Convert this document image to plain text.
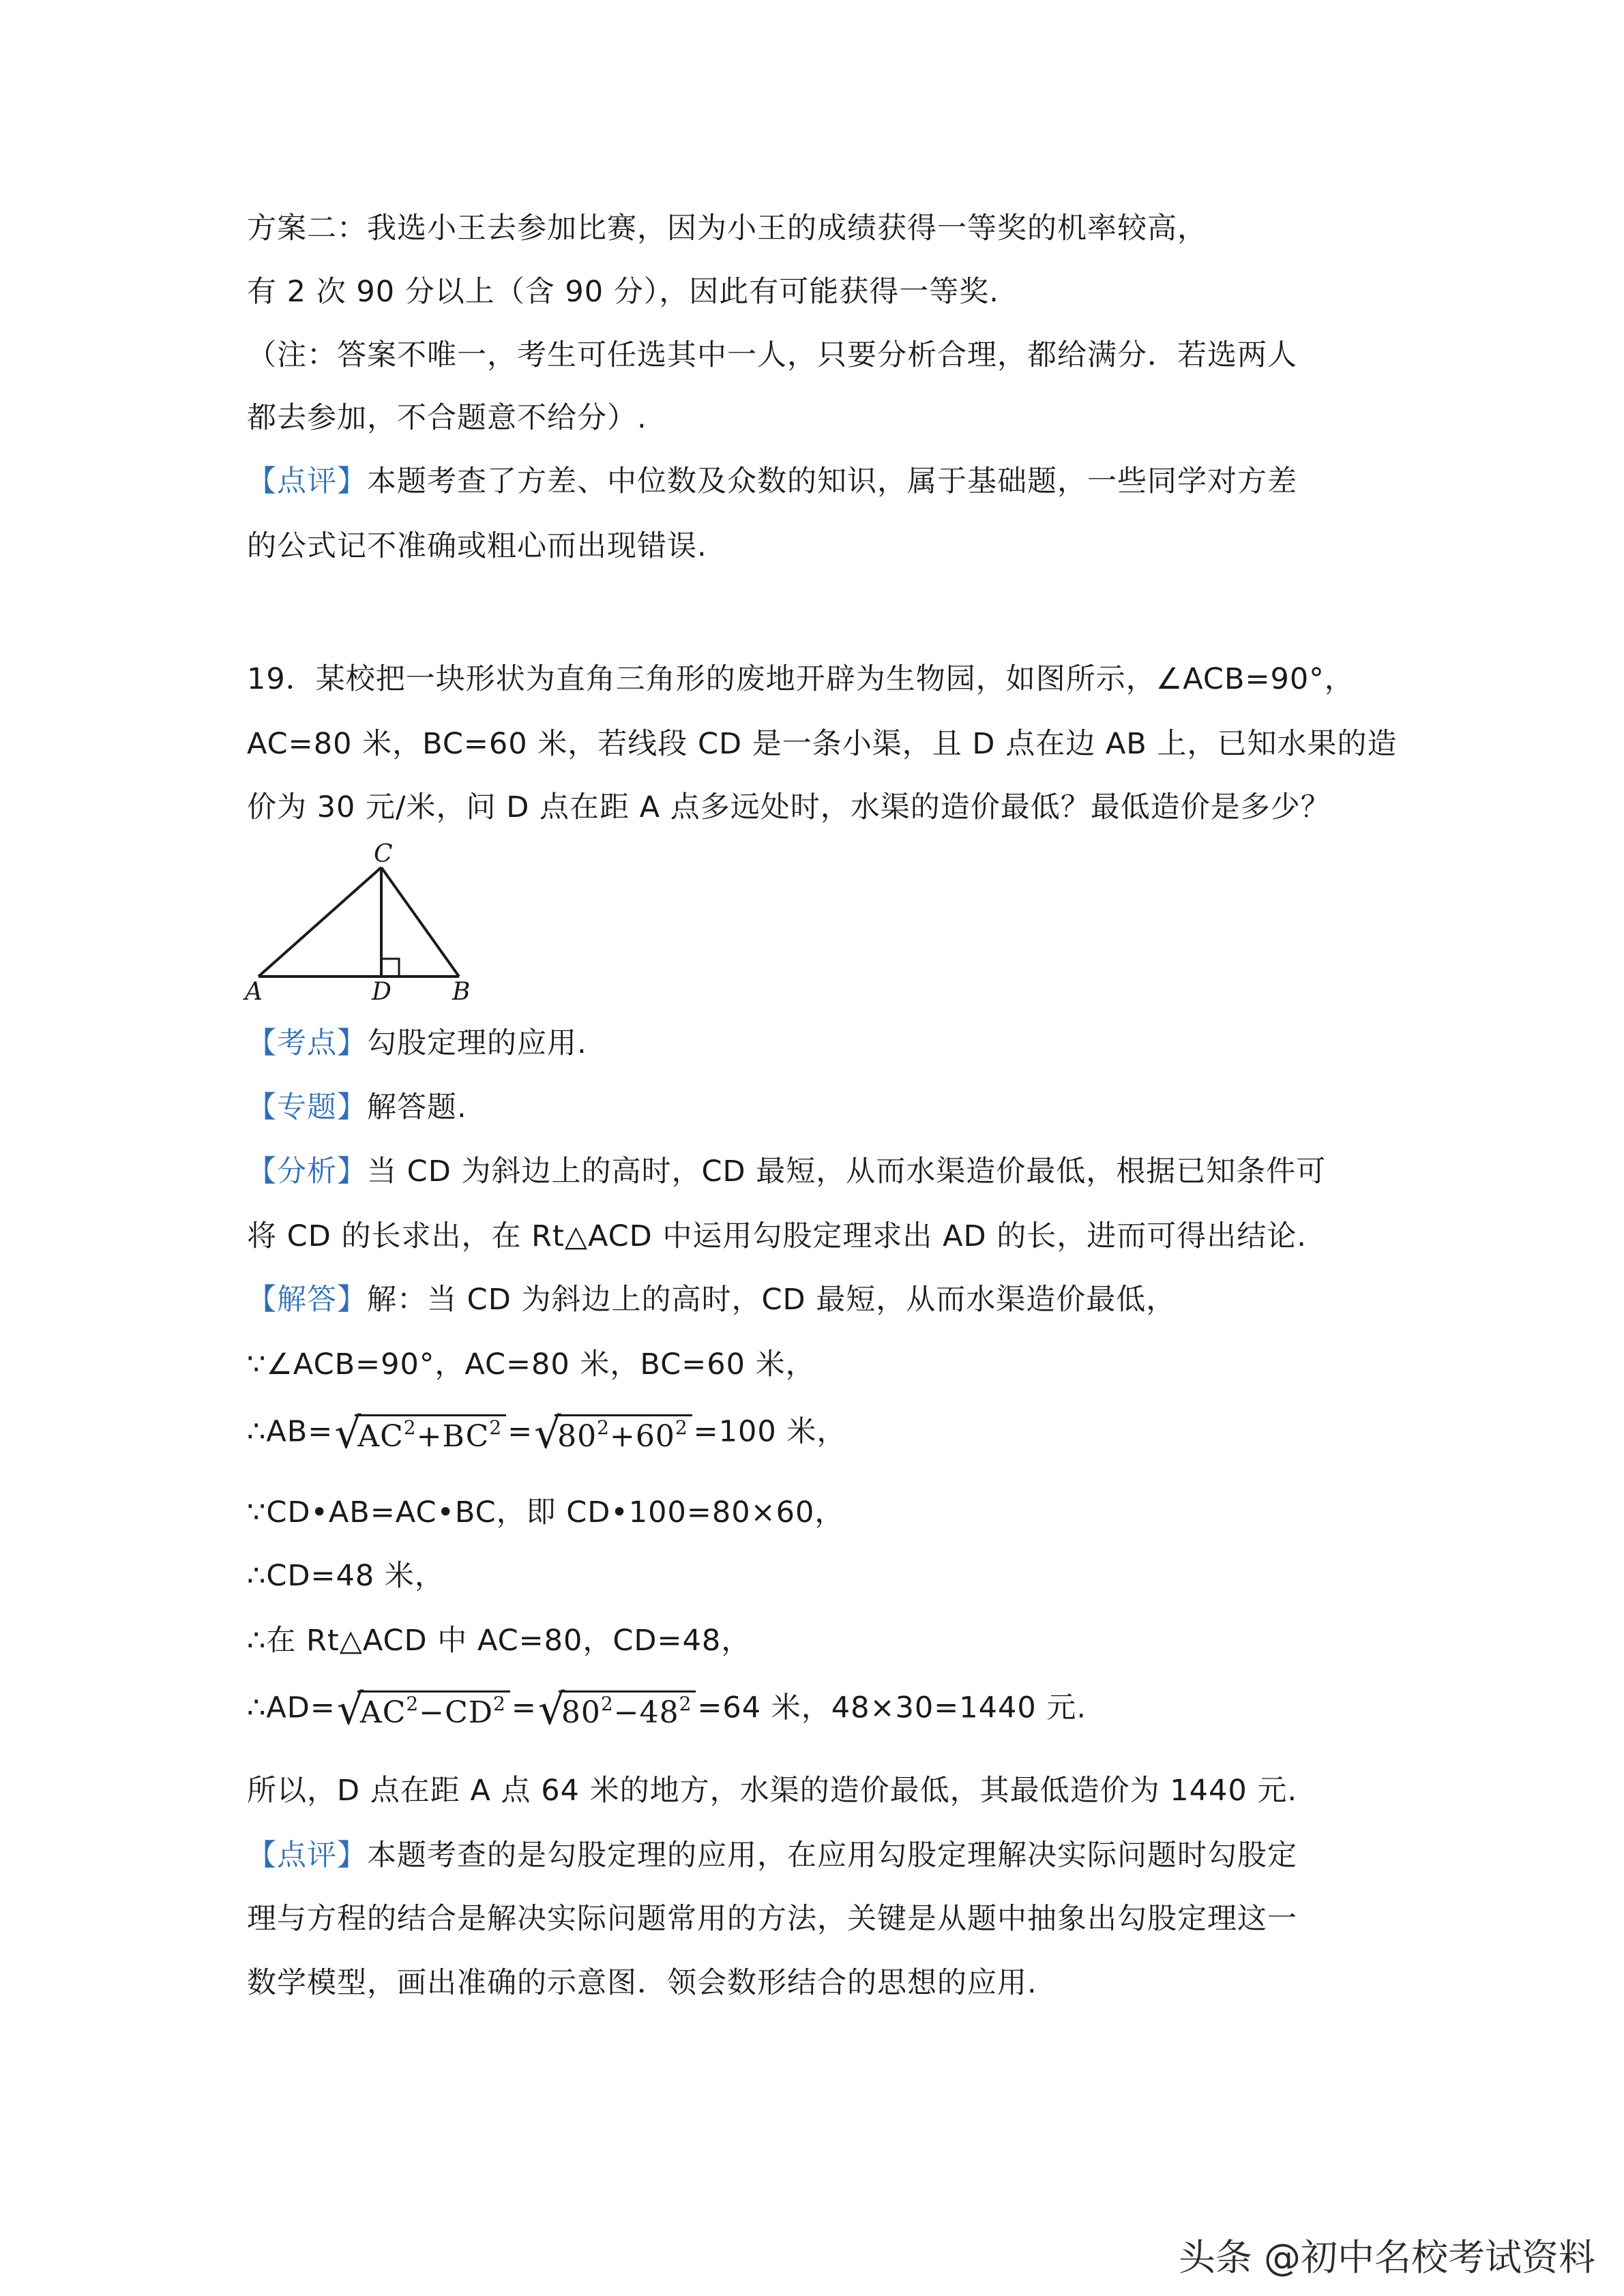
方案二：我选小王去参加比赛，因为小王的成绩获得一等奖的机率较高，
有 2 次 90 分以上（含 90 分），因此有可能获得一等奖.
（注：答案不唯一，考生可任选其中一人，只要分析合理，都给满分．若选两人
都去参加，不合题意不给分）.
【点评】本题考查了方差、中位数及众数的知识，属于基础题，一些同学对方差
的公式记不准确或粗心而出现错误.
19．某校把一块形状为直角三角形的废地开辟为生物园，如图所示，∠ACB=90°，
AC=80 米，BC=60 米，若线段 CD 是一条小渠，且 D 点在边 AB 上，已知水果的造
价为 30 元/米，问 D 点在距 A 点多远处时，水渠的造价最低？最低造价是多少？
C
A	D B
【考点】勾股定理的应用.
【专题】解答题.
【分析】当 CD 为斜边上的高时，CD 最短，从而水渠造价最低，根据已知条件可
将 CD 的长求出，在 Rt△ACD 中运用勾股定理求出 AD 的长，进而可得出结论.
【解答】解：当 CD 为斜边上的高时，CD 最短，从而水渠造价最低，
∵∠ACB=90°，AC=80 米，BC=60 米，
∴AB= √ $AC^2+BC^2$ = √ $80^2+60^2 =100$ 米，
∵CD•AB=AC•BC，即 CD•100=80×60，
∴CD=48 米，
∴在 Rt△ACD 中 AC=80，CD=48，
∴AD= √ $AC^2-CD^2$ = √ $80^2-48^2 =64$ 米，48×30=1440 元.
所以，D 点在距 A 点 64 米的地方，水渠的造价最低，其最低造价为 1440 元.
【点评】本题考查的是勾股定理的应用，在应用勾股定理解决实际问题时勾股定
理与方程的结合是解决实际问题常用的方法，关键是从题中抽象出勾股定理这一
数学模型，画出准确的示意图．领会数形结合的思想的应用.
头条 @初中名校考试资料
